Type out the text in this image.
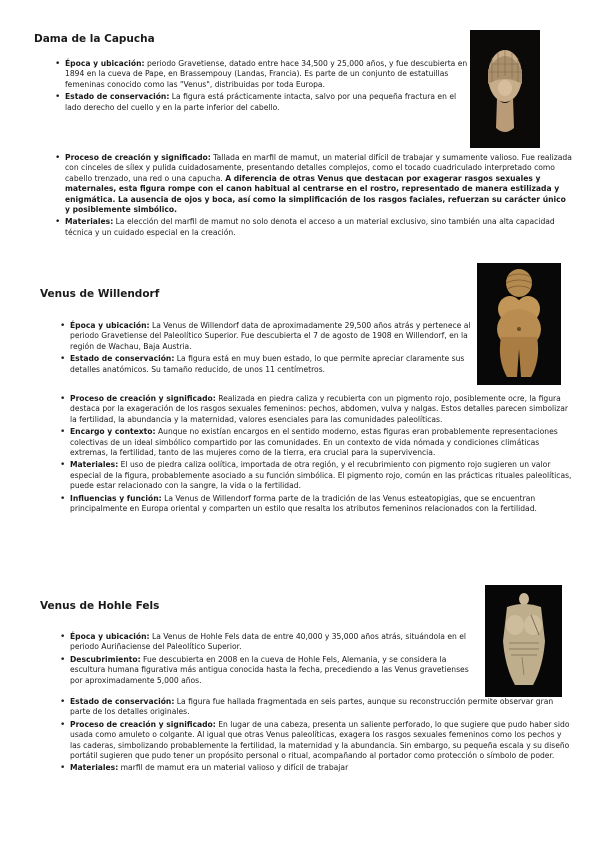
Dama de la Capucha
• Época y ubicación: periodo Gravetiense, datado entre hace 34,500 y 25,000 años, y fue descubierta en 1894 en la cueva de Pape, en Brassempouy (Landas, Francia). Es parte de un conjunto de estatuillas femeninas conocido como las "Venus", distribuidas por toda Europa.
• Estado de conservación: La figura está prácticamente intacta, salvo por una pequeña fractura en el lado derecho del cuello y en la parte inferior del cabello.
• Proceso de creación y significado: Tallada en marfil de mamut, un material difícil de trabajar y sumamente valioso. Fue realizada con cinceles de sílex y pulida cuidadosamente, presentando detalles complejos, como el tocado cuadriculado interpretado como cabello trenzado, una red o una capucha. A diferencia de otras Venus que destacan por exagerar rasgos sexuales y maternales, esta figura rompe con el canon habitual al centrarse en el rostro, representado de manera estilizada y enigmática. La ausencia de ojos y boca, así como la simplificación de los rasgos faciales, refuerzan su carácter único y posiblemente simbólico.
• Materiales: La elección del marfil de mamut no solo denota el acceso a un material exclusivo, sino también una alta capacidad técnica y un cuidado especial en la creación.
Venus de Willendorf
• Época y ubicación: La Venus de Willendorf data de aproximadamente 29,500 años atrás y pertenece al periodo Gravetiense del Paleolítico Superior. Fue descubierta el 7 de agosto de 1908 en Willendorf, en la región de Wachau, Baja Austria.
• Estado de conservación: La figura está en muy buen estado, lo que permite apreciar claramente sus detalles anatómicos. Su tamaño reducido, de unos 11 centímetros.
• Proceso de creación y significado: Realizada en piedra caliza y recubierta con un pigmento rojo, posiblemente ocre, la figura destaca por la exageración de los rasgos sexuales femeninos: pechos, abdomen, vulva y nalgas. Estos detalles parecen simbolizar la fertilidad, la abundancia y la maternidad, valores esenciales para las comunidades paleolíticas.
• Encargo y contexto: Aunque no existían encargos en el sentido moderno, estas figuras eran probablemente representaciones colectivas de un ideal simbólico compartido por las comunidades. En un contexto de vida nómada y condiciones climáticas extremas, la fertilidad, tanto de las mujeres como de la tierra, era crucial para la supervivencia.
• Materiales: El uso de piedra caliza oolítica, importada de otra región, y el recubrimiento con pigmento rojo sugieren un valor especial de la figura, probablemente asociado a su función simbólica. El pigmento rojo, común en las prácticas rituales paleolíticas, puede estar relacionado con la sangre, la vida o la fertilidad.
• Influencias y función: La Venus de Willendorf forma parte de la tradición de las Venus esteatopigias, que se encuentran principalmente en Europa oriental y comparten un estilo que resalta los atributos femeninos relacionados con la fertilidad.
Venus de Hohle Fels
• Época y ubicación: La Venus de Hohle Fels data de entre 40,000 y 35,000 años atrás, situándola en el periodo Auriñaciense del Paleolítico Superior.
• Descubrimiento: Fue descubierta en 2008 en la cueva de Hohle Fels, Alemania, y se considera la escultura humana figurativa más antigua conocida hasta la fecha, precediendo a las Venus gravetienses por aproximadamente 5,000 años.
• Estado de conservación: La figura fue hallada fragmentada en seis partes, aunque su reconstrucción permite observar gran parte de los detalles originales.
• Proceso de creación y significado: En lugar de una cabeza, presenta un saliente perforado, lo que sugiere que pudo haber sido usada como amuleto o colgante. Al igual que otras Venus paleolíticas, exagera los rasgos sexuales femeninos como los pechos y las caderas, simbolizando probablemente la fertilidad, la maternidad y la abundancia. Sin embargo, su pequeña escala y su diseño portátil sugieren que pudo tener un propósito personal o ritual, acompañando al portador como protección o símbolo de poder.
• Materiales: marfil de mamut era un material valioso y difícil de trabajar
